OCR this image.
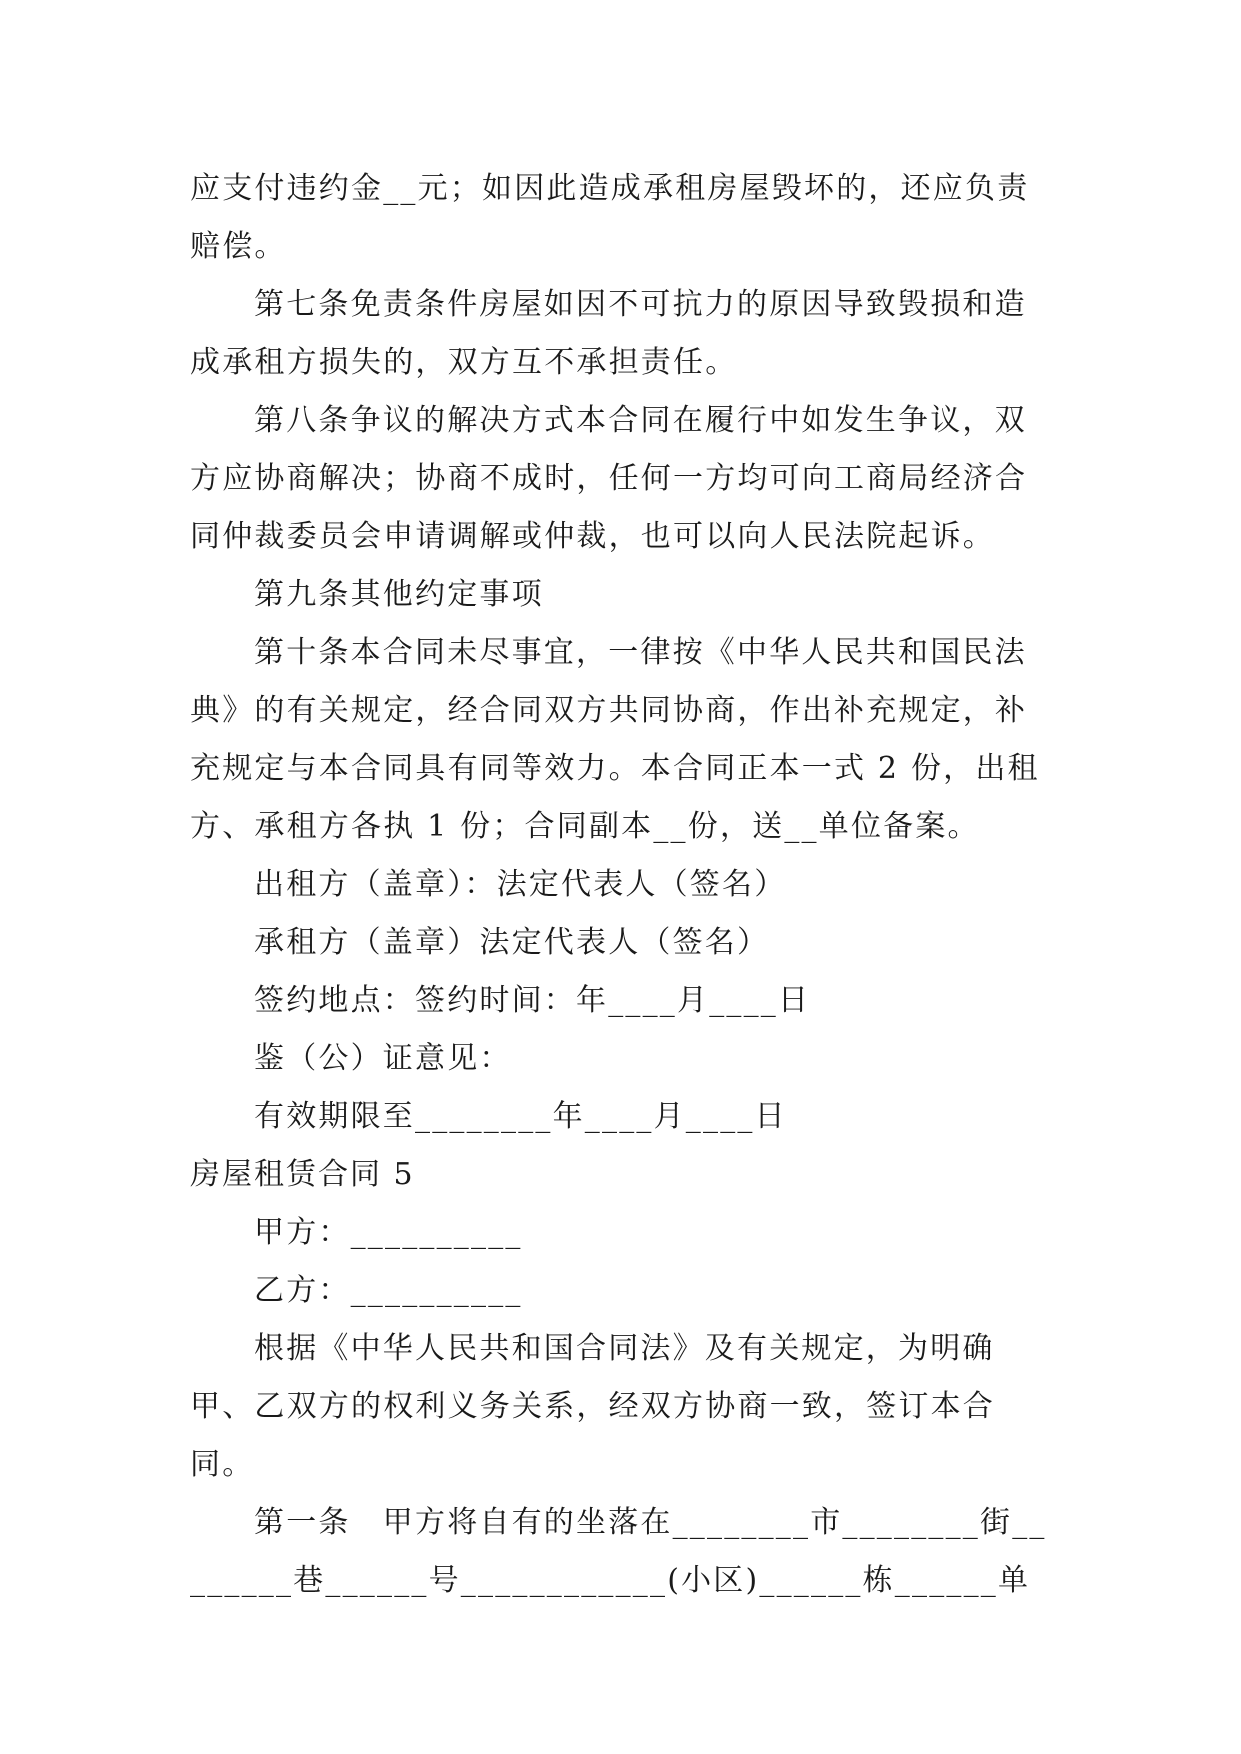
应支付违约金__元；如因此造成承租房屋毁坏的，还应负责赔偿。

第七条免责条件房屋如因不可抗力的原因导致毁损和造成承租方损失的，双方互不承担责任。

第八条争议的解决方式本合同在履行中如发生争议，双方应协商解决；协商不成时，任何一方均可向工商局经济合同仲裁委员会申请调解或仲裁，也可以向人民法院起诉。

第九条其他约定事项

第十条本合同未尽事宜，一律按《中华人民共和国民法典》的有关规定，经合同双方共同协商，作出补充规定，补充规定与本合同具有同等效力。本合同正本一式 2 份，出租方、承租方各执 1 份；合同副本__份，送__单位备案。

出租方（盖章）：法定代表人（签名）

承租方（盖章）法定代表人（签名）

签约地点：签约时间：年____月____日

鉴（公）证意见：

有效期限至________年____月____日

房屋租赁合同 5

甲方：__________

乙方：__________

根据《中华人民共和国合同法》及有关规定，为明确甲、乙双方的权利义务关系，经双方协商一致，签订本合同。

第一条　甲方将自有的坐落在________市________街________巷______号____________(小区)______栋______单
